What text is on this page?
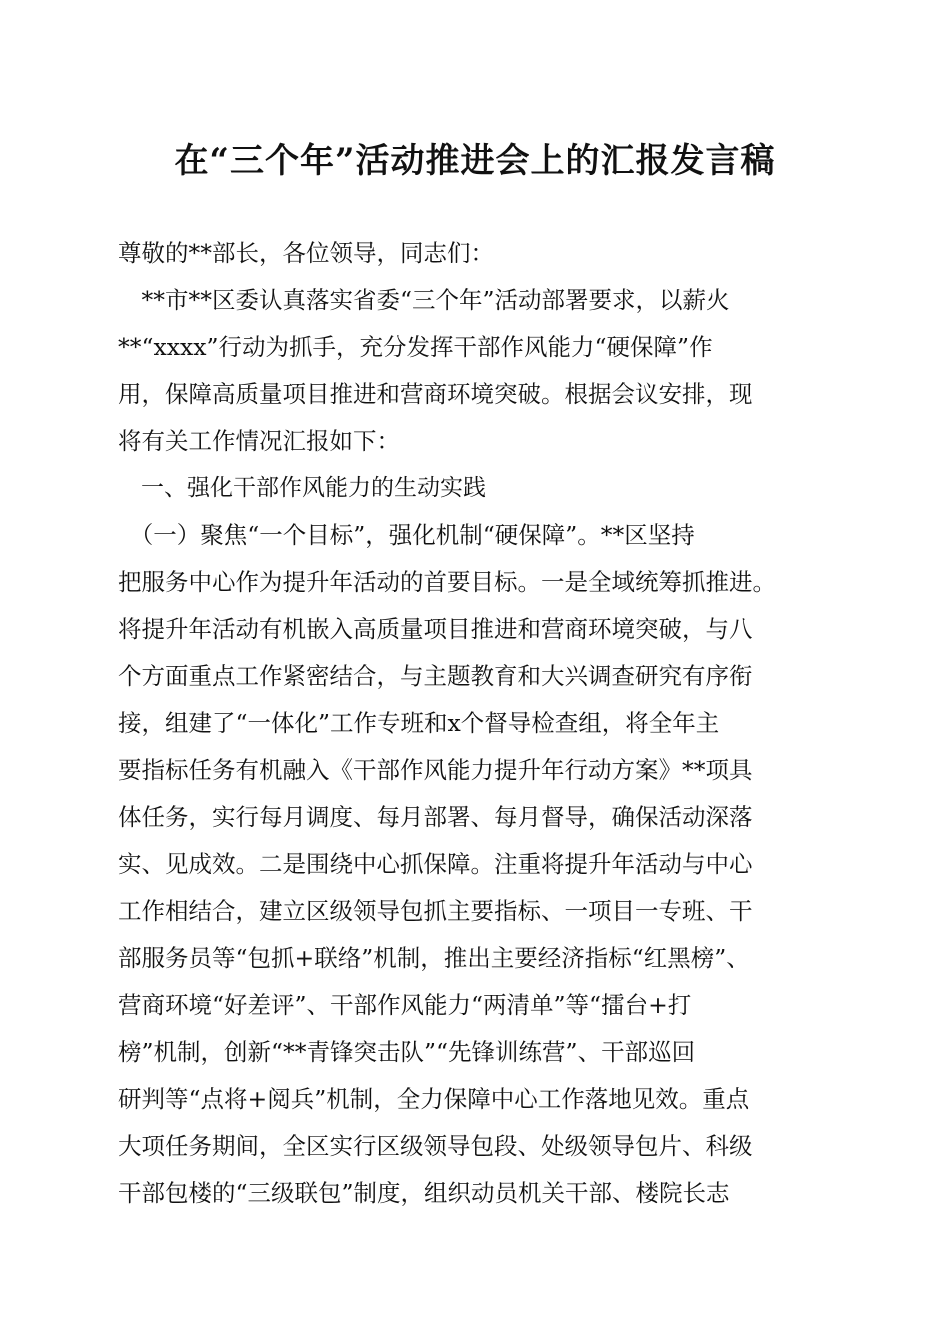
在“三个年”活动推进会上的汇报发言稿
尊敬的**部长，各位领导，同志们：
　**市**区委认真落实省委“三个年”活动部署要求，以薪火
**“xxxx”行动为抓手，充分发挥干部作风能力“硬保障”作
用，保障高质量项目推进和营商环境突破。根据会议安排，现
将有关工作情况汇报如下：
　一、强化干部作风能力的生动实践
　（一）聚焦“一个目标”，强化机制“硬保障”。**区坚持
把服务中心作为提升年活动的首要目标。一是全域统筹抓推进。
将提升年活动有机嵌入高质量项目推进和营商环境突破，与八
个方面重点工作紧密结合，与主题教育和大兴调查研究有序衔
接，组建了“一体化”工作专班和x个督导检查组，将全年主
要指标任务有机融入《干部作风能力提升年行动方案》**项具
体任务，实行每月调度、每月部署、每月督导，确保活动深落
实、见成效。二是围绕中心抓保障。注重将提升年活动与中心
工作相结合，建立区级领导包抓主要指标、一项目一专班、干
部服务员等“包抓+联络”机制，推出主要经济指标“红黑榜”、
营商环境“好差评”、干部作风能力“两清单”等“擂台+打
榜”机制，创新“**青锋突击队”“先锋训练营”、干部巡回
研判等“点将+阅兵”机制，全力保障中心工作落地见效。重点
大项任务期间，全区实行区级领导包段、处级领导包片、科级
干部包楼的“三级联包”制度，组织动员机关干部、楼院长志
